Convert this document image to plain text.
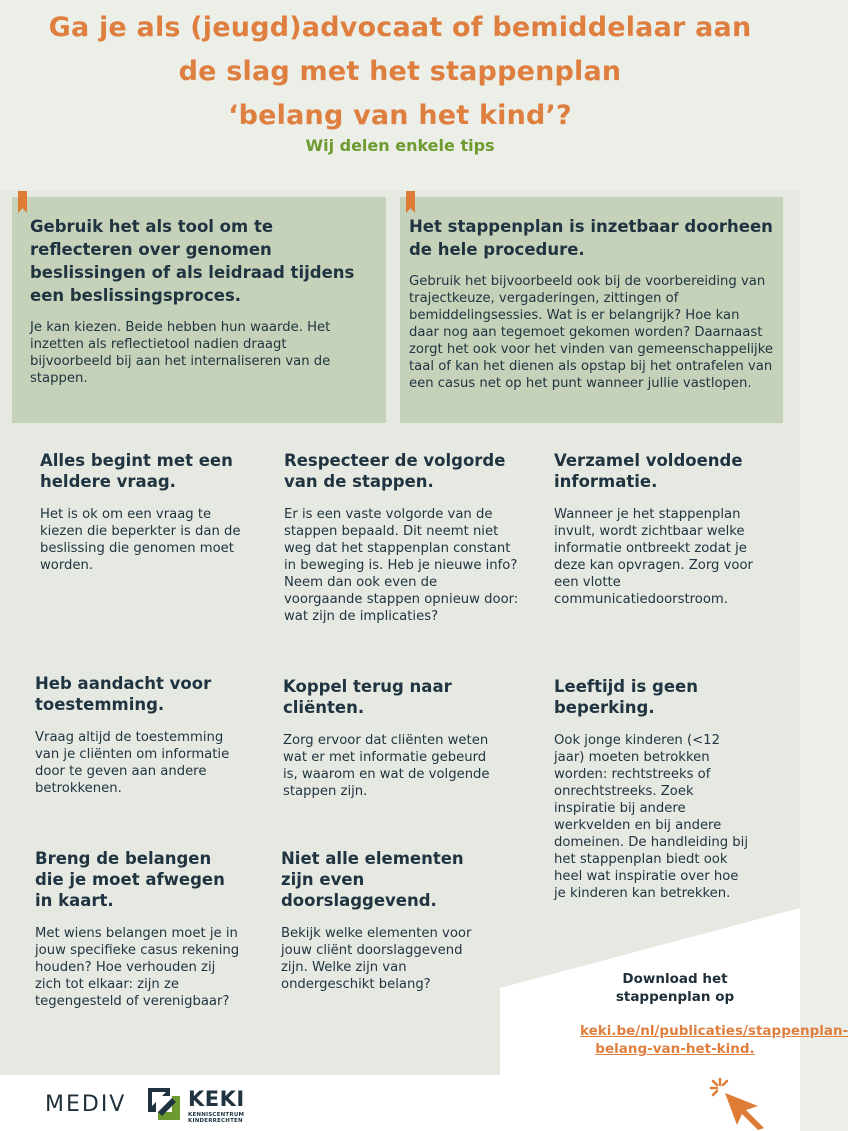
Ga je als (jeugd)advocaat of bemiddelaar aan
de slag met het stappenplan
‘belang van het kind’?

Wij delen enkele tips

Gebruik het als tool om te reflecteren over genomen beslissingen of als leidraad tijdens een beslissingsproces.

Je kan kiezen. Beide hebben hun waarde. Het inzetten als reflectietool nadien draagt bijvoorbeeld bij aan het internaliseren van de stappen.

Het stappenplan is inzetbaar doorheen de hele procedure.

Gebruik het bijvoorbeeld ook bij de voorbereiding van trajectkeuze, vergaderingen, zittingen of bemiddelingsessies. Wat is er belangrijk? Hoe kan daar nog aan tegemoet gekomen worden? Daarnaast zorgt het ook voor het vinden van gemeenschappelijke taal of kan het dienen als opstap bij het ontrafelen van een casus net op het punt wanneer jullie vastlopen.

Alles begint met een heldere vraag.

Het is ok om een vraag te kiezen die beperkter is dan de beslissing die genomen moet worden.

Respecteer de volgorde van de stappen.

Er is een vaste volgorde van de stappen bepaald. Dit neemt niet weg dat het stappenplan constant in beweging is. Heb je nieuwe info? Neem dan ook even de voorgaande stappen opnieuw door: wat zijn de implicaties?

Verzamel voldoende informatie.

Wanneer je het stappenplan invult, wordt zichtbaar welke informatie ontbreekt zodat je deze kan opvragen. Zorg voor een vlotte communicatiedoorstroom.

Heb aandacht voor toestemming.

Vraag altijd de toestemming van je cliënten om informatie door te geven aan andere betrokkenen.

Koppel terug naar cliënten.

Zorg ervoor dat cliënten weten wat er met informatie gebeurd is, waarom en wat de volgende stappen zijn.

Leeftijd is geen beperking.

Ook jonge kinderen (<12 jaar) moeten betrokken worden: rechtstreeks of onrechtstreeks. Zoek inspiratie bij andere werkvelden en bij andere domeinen. De handleiding bij het stappenplan biedt ook heel wat inspiratie over hoe je kinderen kan betrekken.

Breng de belangen die je moet afwegen in kaart.

Met wiens belangen moet je in jouw specifieke casus rekening houden? Hoe verhouden zij zich tot elkaar: zijn ze tegengesteld of verenigbaar?

Niet alle elementen zijn even doorslaggevend.

Bekijk welke elementen voor jouw cliënt doorslaggevend zijn. Welke zijn van ondergeschikt belang?	Download het stappenplan op

keki.be/nl/publicaties/stappenplan-belang-van-het-kind.
MEDIV	KEKI
KENNISCENTRUM
KINDERRECHTEN
